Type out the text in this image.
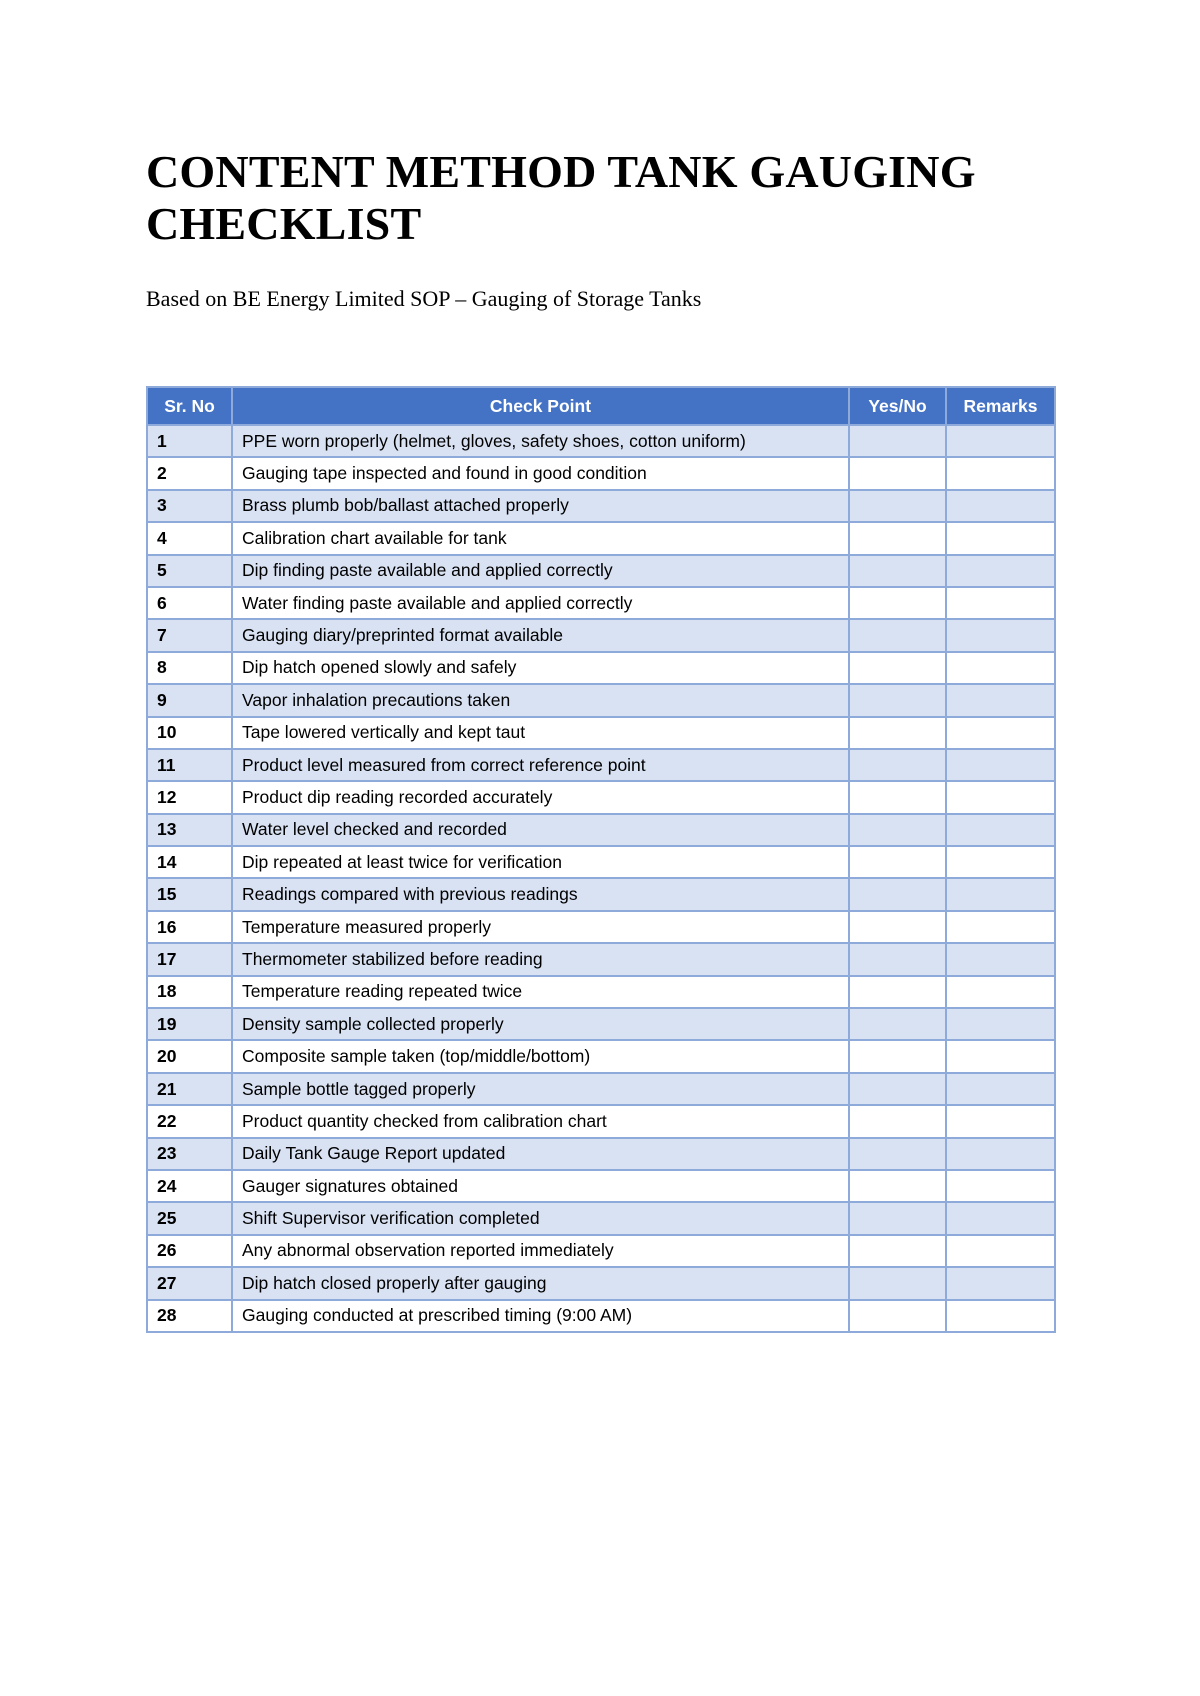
CONTENT METHOD TANK GAUGING CHECKLIST

Based on BE Energy Limited SOP – Gauging of Storage Tanks

Sr. No	Check Point	Yes/No	Remarks
1	PPE worn properly (helmet, gloves, safety shoes, cotton uniform)		
2	Gauging tape inspected and found in good condition		
3	Brass plumb bob/ballast attached properly		
4	Calibration chart available for tank		
5	Dip finding paste available and applied correctly		
6	Water finding paste available and applied correctly		
7	Gauging diary/preprinted format available		
8	Dip hatch opened slowly and safely		
9	Vapor inhalation precautions taken		
10	Tape lowered vertically and kept taut		
11	Product level measured from correct reference point		
12	Product dip reading recorded accurately		
13	Water level checked and recorded		
14	Dip repeated at least twice for verification		
15	Readings compared with previous readings		
16	Temperature measured properly		
17	Thermometer stabilized before reading		
18	Temperature reading repeated twice		
19	Density sample collected properly		
20	Composite sample taken (top/middle/bottom)		
21	Sample bottle tagged properly		
22	Product quantity checked from calibration chart		
23	Daily Tank Gauge Report updated		
24	Gauger signatures obtained		
25	Shift Supervisor verification completed		
26	Any abnormal observation reported immediately		
27	Dip hatch closed properly after gauging		
28	Gauging conducted at prescribed timing (9:00 AM)		
